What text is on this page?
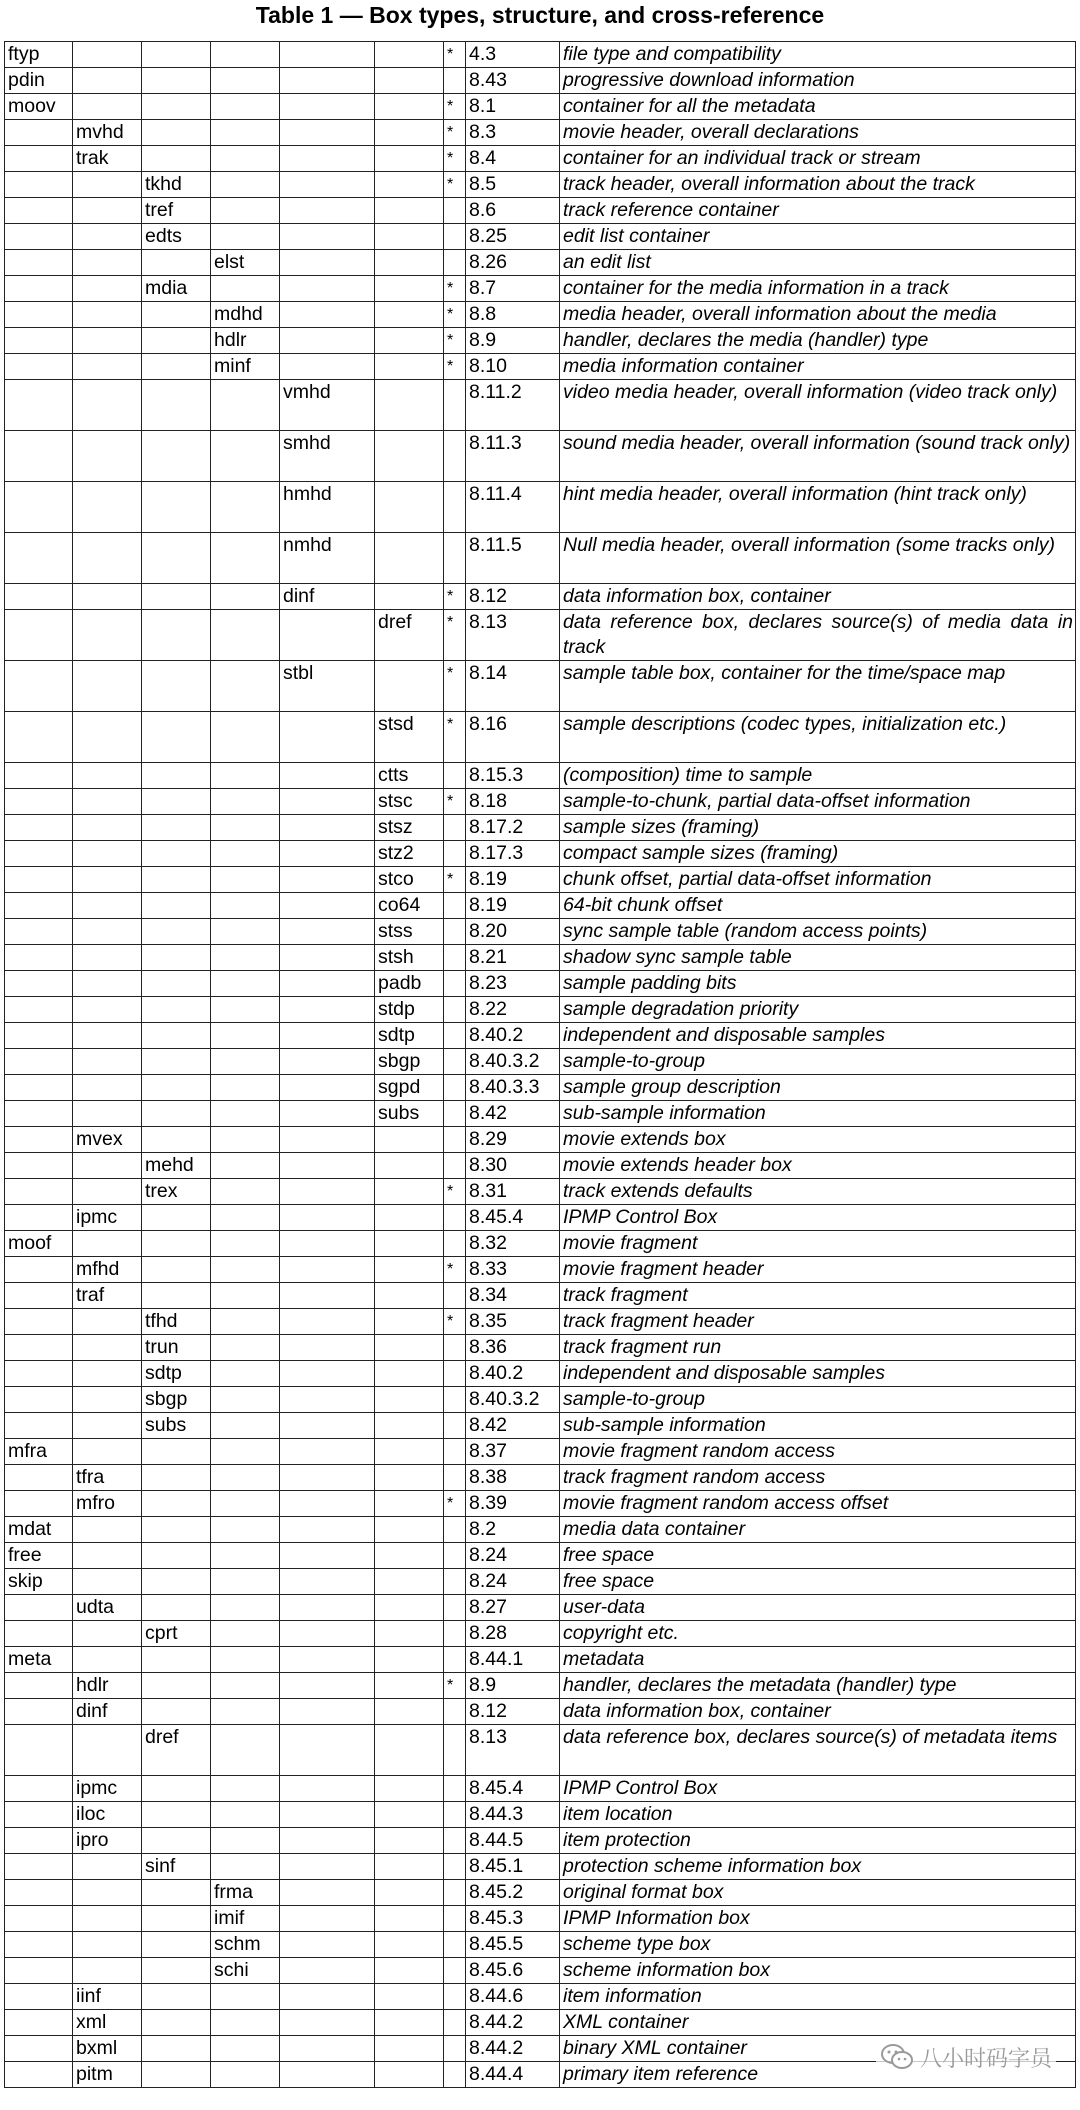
Table 1 — Box types, structure, and cross-reference
ftyp						*	4.3	file type and compatibility
pdin							8.43	progressive download information
moov						*	8.1	container for all the metadata
	mvhd					*	8.3	movie header, overall declarations
	trak					*	8.4	container for an individual track or stream
		tkhd				*	8.5	track header, overall information about the track
		tref					8.6	track reference container
		edts					8.25	edit list container
			elst				8.26	an edit list
		mdia				*	8.7	container for the media information in a track
			mdhd			*	8.8	media header, overall information about the media
			hdlr			*	8.9	handler, declares the media (handler) type
			minf			*	8.10	media information container
				vmhd			8.11.2	video media header, overall information (video track only)
				smhd			8.11.3	sound media header, overall information (sound track only)
				hmhd			8.11.4	hint media header, overall information (hint track only)
				nmhd			8.11.5	Null media header, overall information (some tracks only)
				dinf		*	8.12	data information box, container
					dref	*	8.13	data reference box, declares source(s) of media data in track
				stbl		*	8.14	sample table box, container for the time/space map
					stsd	*	8.16	sample descriptions (codec types, initialization etc.)
					ctts		8.15.3	(composition) time to sample
					stsc	*	8.18	sample-to-chunk, partial data-offset information
					stsz		8.17.2	sample sizes (framing)
					stz2		8.17.3	compact sample sizes (framing)
					stco	*	8.19	chunk offset, partial data-offset information
					co64		8.19	64-bit chunk offset
					stss		8.20	sync sample table (random access points)
					stsh		8.21	shadow sync sample table
					padb		8.23	sample padding bits
					stdp		8.22	sample degradation priority
					sdtp		8.40.2	independent and disposable samples
					sbgp		8.40.3.2	sample-to-group
					sgpd		8.40.3.3	sample group description
					subs		8.42	sub-sample information
	mvex						8.29	movie extends box
		mehd					8.30	movie extends header box
		trex				*	8.31	track extends defaults
	ipmc						8.45.4	IPMP Control Box
moof							8.32	movie fragment
	mfhd					*	8.33	movie fragment header
	traf						8.34	track fragment
		tfhd				*	8.35	track fragment header
		trun					8.36	track fragment run
		sdtp					8.40.2	independent and disposable samples
		sbgp					8.40.3.2	sample-to-group
		subs					8.42	sub-sample information
mfra							8.37	movie fragment random access
	tfra						8.38	track fragment random access
	mfro					*	8.39	movie fragment random access offset
mdat							8.2	media data container
free							8.24	free space
skip							8.24	free space
	udta						8.27	user-data
		cprt					8.28	copyright etc.
meta							8.44.1	metadata
	hdlr					*	8.9	handler, declares the metadata (handler) type
	dinf						8.12	data information box, container
		dref					8.13	data reference box, declares source(s) of metadata items
	ipmc						8.45.4	IPMP Control Box
	iloc						8.44.3	item location
	ipro						8.44.5	item protection
		sinf					8.45.1	protection scheme information box
			frma				8.45.2	original format box
			imif				8.45.3	IPMP Information box
			schm				8.45.5	scheme type box
			schi				8.45.6	scheme information box
	iinf						8.44.6	item information
	xml						8.44.2	XML container
	bxml						8.44.2	binary XML container
	pitm						8.44.4	primary item reference
八小时码字员
